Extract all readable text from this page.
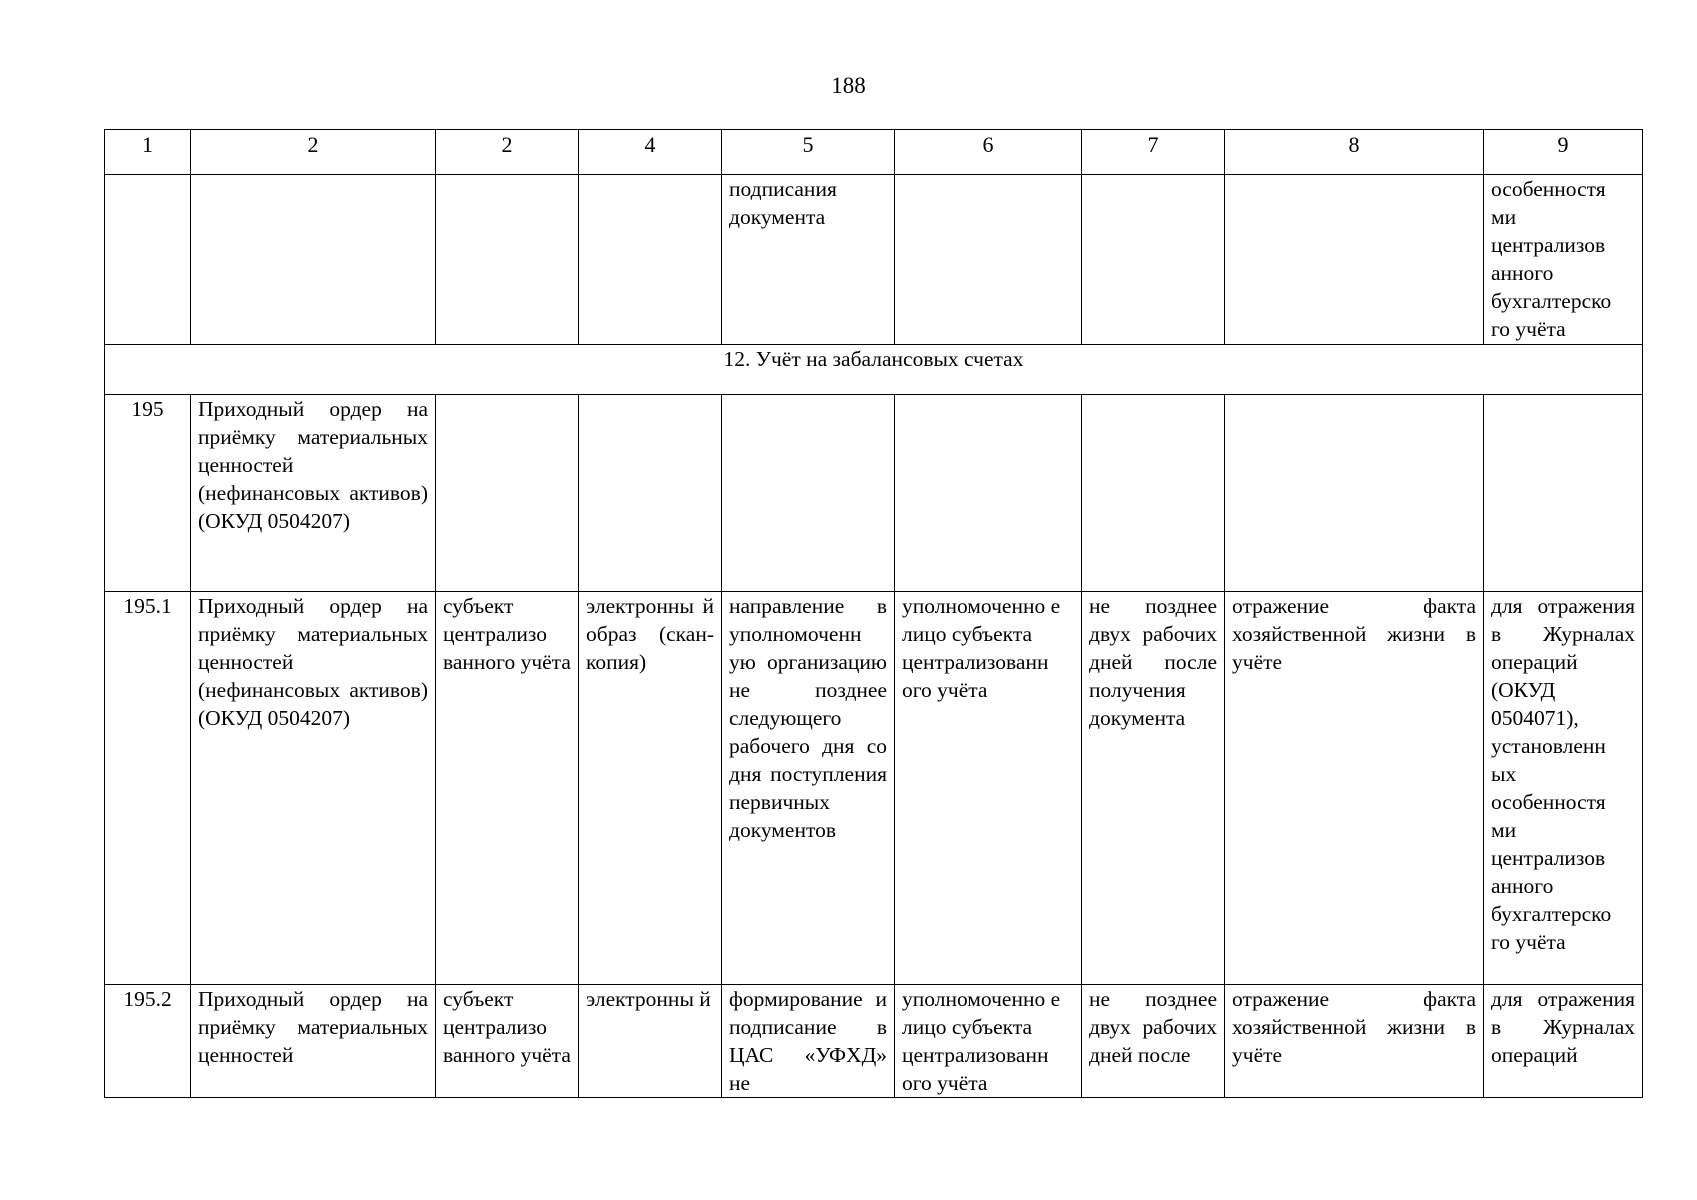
188
1	2	2	4	5	6	7	8	9
				подписания документа				особенностя ми централизов анного бухгалтерско го учёта
12. Учёт на забалансовых счетах								
195	Приходный ордер на приёмку материальных ценностей (нефинансовых активов) (ОКУД 0504207)							
195.1	Приходный ордер на приёмку материальных ценностей (нефинансовых активов) (ОКУД 0504207)	субъект централизо ванного учёта	электронны й образ (скан-копия)	направление в уполномоченн ую организацию не позднее следующего рабочего дня со дня поступления первичных документов	уполномоченно е лицо субъекта централизованн ого учёта	не позднее двух рабочих дней после получения документа	отражение факта хозяйственной жизни в учёте	для отражения в Журналах операций (ОКУД 0504071), установленн ых особенностя ми централизов анного бухгалтерско го учёта
195.2	Приходный ордер на приёмку материальных ценностей	субъект централизо ванного учёта	электронны й	формирование и подписание в ЦАС «УФХД» не	уполномоченно е лицо субъекта централизованн ого учёта	не позднее двух рабочих дней после	отражение факта хозяйственной жизни в учёте	для отражения в Журналах операций
